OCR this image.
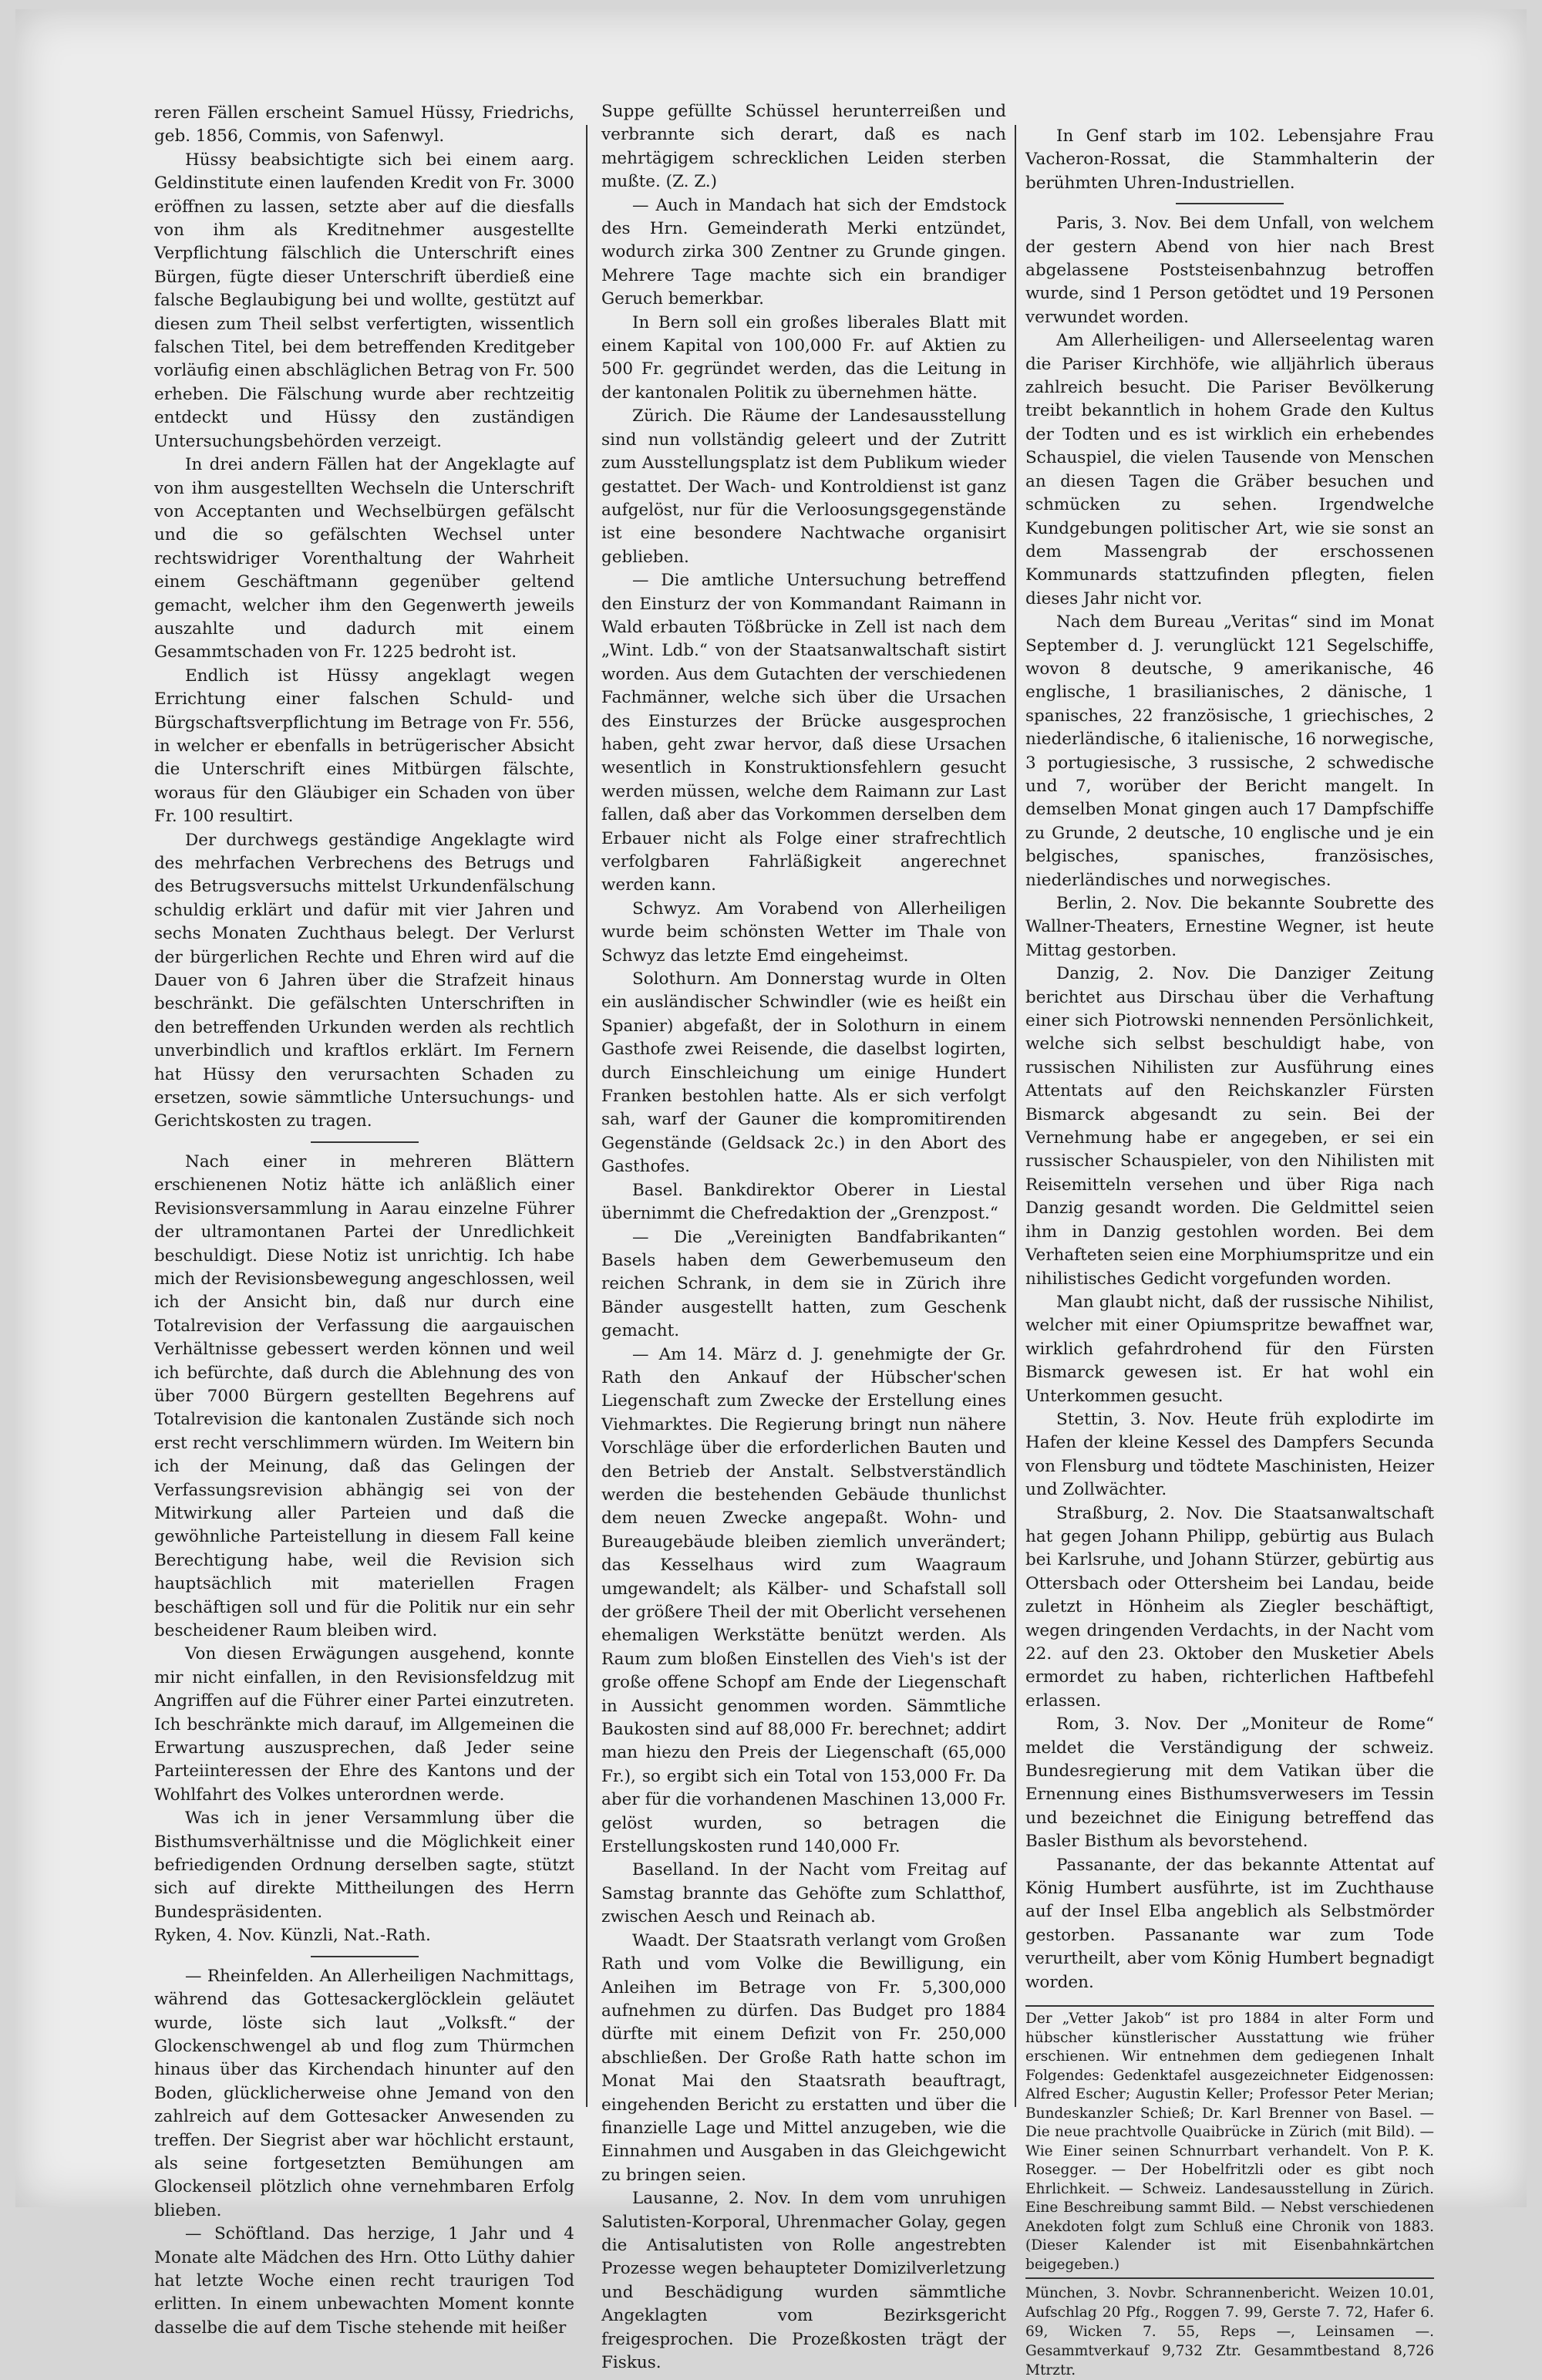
reren Fällen erscheint Samuel Hüssy, Friedrichs, geb. 1856, Commis, von Safenwyl.

Hüssy beabsichtigte sich bei einem aarg. Geldinstitute einen laufenden Kredit von Fr. 3000 eröffnen zu lassen, setzte aber auf die diesfalls von ihm als Kreditnehmer ausgestellte Verpflichtung fälschlich die Unterschrift eines Bürgen, fügte dieser Unterschrift überdieß eine falsche Beglaubigung bei und wollte, gestützt auf diesen zum Theil selbst verfertigten, wissentlich falschen Titel, bei dem betreffenden Kreditgeber vorläufig einen abschläglichen Betrag von Fr. 500 erheben. Die Fälschung wurde aber rechtzeitig entdeckt und Hüssy den zuständigen Untersuchungsbehörden verzeigt.

In drei andern Fällen hat der Angeklagte auf von ihm ausgestellten Wechseln die Unterschrift von Acceptanten und Wechselbürgen gefälscht und die so gefälschten Wechsel unter rechtswidriger Vorenthaltung der Wahrheit einem Geschäftmann gegenüber geltend gemacht, welcher ihm den Gegenwerth jeweils auszahlte und dadurch mit einem Gesammtschaden von Fr. 1225 bedroht ist.

Endlich ist Hüssy angeklagt wegen Errichtung einer falschen Schuld- und Bürgschaftsverpflichtung im Betrage von Fr. 556, in welcher er ebenfalls in betrügerischer Absicht die Unterschrift eines Mitbürgen fälschte, woraus für den Gläubiger ein Schaden von über Fr. 100 resultirt.

Der durchwegs geständige Angeklagte wird des mehrfachen Verbrechens des Betrugs und des Betrugsversuchs mittelst Urkundenfälschung schuldig erklärt und dafür mit vier Jahren und sechs Monaten Zuchthaus belegt. Der Verlurst der bürgerlichen Rechte und Ehren wird auf die Dauer von 6 Jahren über die Strafzeit hinaus beschränkt. Die gefälschten Unterschriften in den betreffenden Urkunden werden als rechtlich unverbindlich und kraftlos erklärt. Im Fernern hat Hüssy den verursachten Schaden zu ersetzen, sowie sämmtliche Untersuchungs- und Gerichtskosten zu tragen.

Nach einer in mehreren Blättern erschienenen Notiz hätte ich anläßlich einer Revisionsversammlung in Aarau einzelne Führer der ultramontanen Partei der Unredlichkeit beschuldigt. Diese Notiz ist unrichtig. Ich habe mich der Revisionsbewegung angeschlossen, weil ich der Ansicht bin, daß nur durch eine Totalrevision der Verfassung die aargauischen Verhältnisse gebessert werden können und weil ich befürchte, daß durch die Ablehnung des von über 7000 Bürgern gestellten Begehrens auf Totalrevision die kantonalen Zustände sich noch erst recht verschlimmern würden. Im Weitern bin ich der Meinung, daß das Gelingen der Verfassungsrevision abhängig sei von der Mitwirkung aller Parteien und daß die gewöhnliche Parteistellung in diesem Fall keine Berechtigung habe, weil die Revision sich hauptsächlich mit materiellen Fragen beschäftigen soll und für die Politik nur ein sehr bescheidener Raum bleiben wird.

Von diesen Erwägungen ausgehend, konnte mir nicht einfallen, in den Revisionsfeldzug mit Angriffen auf die Führer einer Partei einzutreten. Ich beschränkte mich darauf, im Allgemeinen die Erwartung auszusprechen, daß Jeder seine Parteiinteressen der Ehre des Kantons und der Wohlfahrt des Volkes unterordnen werde.

Was ich in jener Versammlung über die Bisthumsverhältnisse und die Möglichkeit einer befriedigenden Ordnung derselben sagte, stützt sich auf direkte Mittheilungen des Herrn Bundespräsidenten.

Ryken, 4. Nov. Künzli, Nat.-Rath.

— Rheinfelden. An Allerheiligen Nachmittags, während das Gottesackerglöcklein geläutet wurde, löste sich laut „Volksft.“ der Glockenschwengel ab und flog zum Thürmchen hinaus über das Kirchendach hinunter auf den Boden, glücklicherweise ohne Jemand von den zahlreich auf dem Gottesacker Anwesenden zu treffen. Der Siegrist aber war höchlicht erstaunt, als seine fortgesetzten Bemühungen am Glockenseil plötzlich ohne vernehmbaren Erfolg blieben.

— Schöftland. Das herzige, 1 Jahr und 4 Monate alte Mädchen des Hrn. Otto Lüthy dahier hat letzte Woche einen recht traurigen Tod erlitten. In einem unbewachten Moment konnte dasselbe die auf dem Tische stehende mit heißer

Suppe gefüllte Schüssel herunterreißen und verbrannte sich derart, daß es nach mehrtägigem schrecklichen Leiden sterben mußte. (Z. Z.)

— Auch in Mandach hat sich der Emdstock des Hrn. Gemeinderath Merki entzündet, wodurch zirka 300 Zentner zu Grunde gingen. Mehrere Tage machte sich ein brandiger Geruch bemerkbar.

In Bern soll ein großes liberales Blatt mit einem Kapital von 100,000 Fr. auf Aktien zu 500 Fr. gegründet werden, das die Leitung in der kantonalen Politik zu übernehmen hätte.

Zürich. Die Räume der Landesausstellung sind nun vollständig geleert und der Zutritt zum Ausstellungsplatz ist dem Publikum wieder gestattet. Der Wach- und Kontroldienst ist ganz aufgelöst, nur für die Verloosungsgegenstände ist eine besondere Nachtwache organisirt geblieben.

— Die amtliche Untersuchung betreffend den Einsturz der von Kommandant Raimann in Wald erbauten Tößbrücke in Zell ist nach dem „Wint. Ldb.“ von der Staatsanwaltschaft sistirt worden. Aus dem Gutachten der verschiedenen Fachmänner, welche sich über die Ursachen des Einsturzes der Brücke ausgesprochen haben, geht zwar hervor, daß diese Ursachen wesentlich in Konstruktionsfehlern gesucht werden müssen, welche dem Raimann zur Last fallen, daß aber das Vorkommen derselben dem Erbauer nicht als Folge einer strafrechtlich verfolgbaren Fahrläßigkeit angerechnet werden kann.

Schwyz. Am Vorabend von Allerheiligen wurde beim schönsten Wetter im Thale von Schwyz das letzte Emd eingeheimst.

Solothurn. Am Donnerstag wurde in Olten ein ausländischer Schwindler (wie es heißt ein Spanier) abgefaßt, der in Solothurn in einem Gasthofe zwei Reisende, die daselbst logirten, durch Einschleichung um einige Hundert Franken bestohlen hatte. Als er sich verfolgt sah, warf der Gauner die kompromitirenden Gegenstände (Geldsack 2c.) in den Abort des Gasthofes.

Basel. Bankdirektor Oberer in Liestal übernimmt die Chefredaktion der „Grenzpost.“

— Die „Vereinigten Bandfabrikanten“ Basels haben dem Gewerbemuseum den reichen Schrank, in dem sie in Zürich ihre Bänder ausgestellt hatten, zum Geschenk gemacht.

— Am 14. März d. J. genehmigte der Gr. Rath den Ankauf der Hübscher'schen Liegenschaft zum Zwecke der Erstellung eines Viehmarktes. Die Regierung bringt nun nähere Vorschläge über die erforderlichen Bauten und den Betrieb der Anstalt. Selbstverständlich werden die bestehenden Gebäude thunlichst dem neuen Zwecke angepaßt. Wohn- und Bureaugebäude bleiben ziemlich unverändert; das Kesselhaus wird zum Waagraum umgewandelt; als Kälber- und Schafstall soll der größere Theil der mit Oberlicht versehenen ehemaligen Werkstätte benützt werden. Als Raum zum bloßen Einstellen des Vieh's ist der große offene Schopf am Ende der Liegenschaft in Aussicht genommen worden. Sämmtliche Baukosten sind auf 88,000 Fr. berechnet; addirt man hiezu den Preis der Liegenschaft (65,000 Fr.), so ergibt sich ein Total von 153,000 Fr. Da aber für die vorhandenen Maschinen 13,000 Fr. gelöst wurden, so betragen die Erstellungskosten rund 140,000 Fr.

Baselland. In der Nacht vom Freitag auf Samstag brannte das Gehöfte zum Schlatthof, zwischen Aesch und Reinach ab.

Waadt. Der Staatsrath verlangt vom Großen Rath und vom Volke die Bewilligung, ein Anleihen im Betrage von Fr. 5,300,000 aufnehmen zu dürfen. Das Budget pro 1884 dürfte mit einem Defizit von Fr. 250,000 abschließen. Der Große Rath hatte schon im Monat Mai den Staatsrath beauftragt, eingehenden Bericht zu erstatten und über die finanzielle Lage und Mittel anzugeben, wie die Einnahmen und Ausgaben in das Gleichgewicht zu bringen seien.

Lausanne, 2. Nov. In dem vom unruhigen Salutisten-Korporal, Uhrenmacher Golay, gegen die Antisalutisten von Rolle angestrebten Prozesse wegen behaupteter Domizilverletzung und Beschädigung wurden sämmtliche Angeklagten vom Bezirksgericht freigesprochen. Die Prozeßkosten trägt der Fiskus.

In Genf starb im 102. Lebensjahre Frau Vacheron-Rossat, die Stammhalterin der berühmten Uhren-Industriellen.

Paris, 3. Nov. Bei dem Unfall, von welchem der gestern Abend von hier nach Brest abgelassene Poststeisenbahnzug betroffen wurde, sind 1 Person getödtet und 19 Personen verwundet worden.

Am Allerheiligen- und Allerseelentag waren die Pariser Kirchhöfe, wie alljährlich überaus zahlreich besucht. Die Pariser Bevölkerung treibt bekanntlich in hohem Grade den Kultus der Todten und es ist wirklich ein erhebendes Schauspiel, die vielen Tausende von Menschen an diesen Tagen die Gräber besuchen und schmücken zu sehen. Irgendwelche Kundgebungen politischer Art, wie sie sonst an dem Massengrab der erschossenen Kommunards stattzufinden pflegten, fielen dieses Jahr nicht vor.

Nach dem Bureau „Veritas“ sind im Monat September d. J. verunglückt 121 Segelschiffe, wovon 8 deutsche, 9 amerikanische, 46 englische, 1 brasilianisches, 2 dänische, 1 spanisches, 22 französische, 1 griechisches, 2 niederländische, 6 italienische, 16 norwegische, 3 portugiesische, 3 russische, 2 schwedische und 7, worüber der Bericht mangelt. In demselben Monat gingen auch 17 Dampfschiffe zu Grunde, 2 deutsche, 10 englische und je ein belgisches, spanisches, französisches, niederländisches und norwegisches.

Berlin, 2. Nov. Die bekannte Soubrette des Wallner-Theaters, Ernestine Wegner, ist heute Mittag gestorben.

Danzig, 2. Nov. Die Danziger Zeitung berichtet aus Dirschau über die Verhaftung einer sich Piotrowski nennenden Persönlichkeit, welche sich selbst beschuldigt habe, von russischen Nihilisten zur Ausführung eines Attentats auf den Reichskanzler Fürsten Bismarck abgesandt zu sein. Bei der Vernehmung habe er angegeben, er sei ein russischer Schauspieler, von den Nihilisten mit Reisemitteln versehen und über Riga nach Danzig gesandt worden. Die Geldmittel seien ihm in Danzig gestohlen worden. Bei dem Verhafteten seien eine Morphiumspritze und ein nihilistisches Gedicht vorgefunden worden.

Man glaubt nicht, daß der russische Nihilist, welcher mit einer Opiumspritze bewaffnet war, wirklich gefahrdrohend für den Fürsten Bismarck gewesen ist. Er hat wohl ein Unterkommen gesucht.

Stettin, 3. Nov. Heute früh explodirte im Hafen der kleine Kessel des Dampfers Secunda von Flensburg und tödtete Maschinisten, Heizer und Zollwächter.

Straßburg, 2. Nov. Die Staatsanwaltschaft hat gegen Johann Philipp, gebürtig aus Bulach bei Karlsruhe, und Johann Stürzer, gebürtig aus Ottersbach oder Ottersheim bei Landau, beide zuletzt in Hönheim als Ziegler beschäftigt, wegen dringenden Verdachts, in der Nacht vom 22. auf den 23. Oktober den Musketier Abels ermordet zu haben, richterlichen Haftbefehl erlassen.

Rom, 3. Nov. Der „Moniteur de Rome“ meldet die Verständigung der schweiz. Bundesregierung mit dem Vatikan über die Ernennung eines Bisthumsverwesers im Tessin und bezeichnet die Einigung betreffend das Basler Bisthum als bevorstehend.

Passanante, der das bekannte Attentat auf König Humbert ausführte, ist im Zuchthause auf der Insel Elba angeblich als Selbstmörder gestorben. Passanante war zum Tode verurtheilt, aber vom König Humbert begnadigt worden.

Der „Vetter Jakob“ ist pro 1884 in alter Form und hübscher künstlerischer Ausstattung wie früher erschienen. Wir entnehmen dem gediegenen Inhalt Folgendes: Gedenktafel ausgezeichneter Eidgenossen: Alfred Escher; Augustin Keller; Professor Peter Merian; Bundeskanzler Schieß; Dr. Karl Brenner von Basel. — Die neue prachtvolle Quaibrücke in Zürich (mit Bild). — Wie Einer seinen Schnurrbart verhandelt. Von P. K. Rosegger. — Der Hobelfritzli oder es gibt noch Ehrlichkeit. — Schweiz. Landesausstellung in Zürich. Eine Beschreibung sammt Bild. — Nebst verschiedenen Anekdoten folgt zum Schluß eine Chronik von 1883. (Dieser Kalender ist mit Eisenbahnkärtchen beigegeben.)
München, 3. Novbr. Schrannenbericht. Weizen 10.01, Aufschlag 20 Pfg., Roggen 7. 99, Gerste 7. 72, Hafer 6. 69, Wicken 7. 55, Reps —, Leinsamen —. Gesammtverkauf 9,732 Ztr. Gesammtbestand 8,726 Mtrztr.
